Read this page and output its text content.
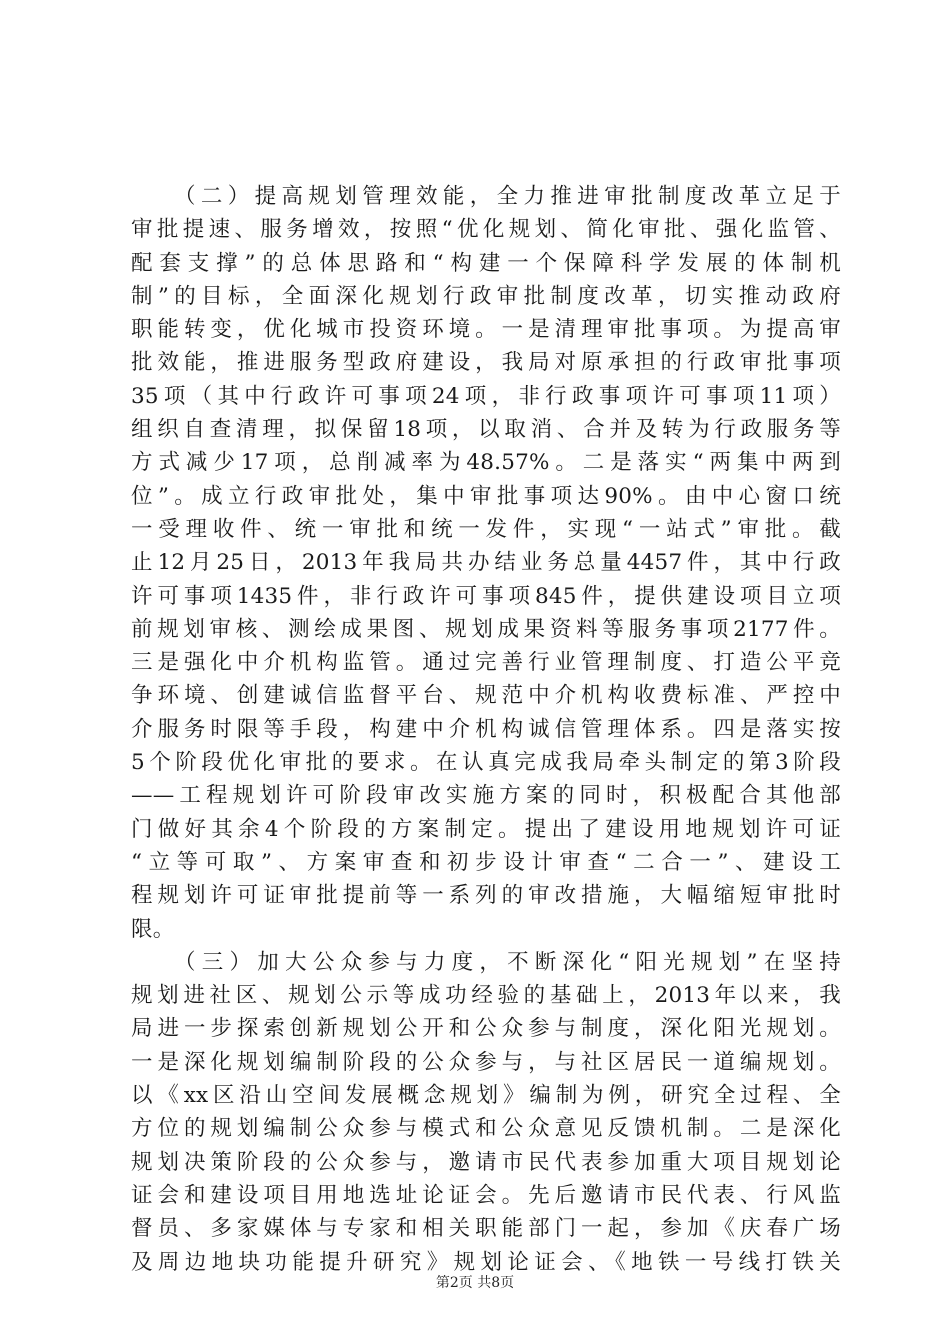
（二）提高规划管理效能，全力推进审批制度改革立足于
审批提速、服务增效，按照“优化规划、简化审批、强化监管、
配套支撑”的总体思路和“构建一个保障科学发展的体制机
制”的目标，全面深化规划行政审批制度改革，切实推动政府
职能转变，优化城市投资环境。一是清理审批事项。为提高审
批效能，推进服务型政府建设，我局对原承担的行政审批事项
35项（其中行政许可事项24项，非行政事项许可事项11项）
组织自查清理，拟保留18项，以取消、合并及转为行政服务等
方式减少17项，总削减率为48.57%。二是落实“两集中两到
位”。成立行政审批处，集中审批事项达90%。由中心窗口统
一受理收件、统一审批和统一发件，实现“一站式”审批。截
止12月25日，2013年我局共办结业务总量4457件，其中行政
许可事项1435件，非行政许可事项845件，提供建设项目立项
前规划审核、测绘成果图、规划成果资料等服务事项2177件。
三是强化中介机构监管。通过完善行业管理制度、打造公平竞
争环境、创建诚信监督平台、规范中介机构收费标准、严控中
介服务时限等手段，构建中介机构诚信管理体系。四是落实按
5个阶段优化审批的要求。在认真完成我局牵头制定的第3阶段
——工程规划许可阶段审改实施方案的同时，积极配合其他部
门做好其余4个阶段的方案制定。提出了建设用地规划许可证
“立等可取”、方案审查和初步设计审查“二合一”、建设工
程规划许可证审批提前等一系列的审改措施，大幅缩短审批时
限。
（三）加大公众参与力度，不断深化“阳光规划”在坚持
规划进社区、规划公示等成功经验的基础上，2013年以来，我
局进一步探索创新规划公开和公众参与制度，深化阳光规划。
一是深化规划编制阶段的公众参与，与社区居民一道编规划。
以《xx区沿山空间发展概念规划》编制为例，研究全过程、全
方位的规划编制公众参与模式和公众意见反馈机制。二是深化
规划决策阶段的公众参与，邀请市民代表参加重大项目规划论
证会和建设项目用地选址论证会。先后邀请市民代表、行风监
督员、多家媒体与专家和相关职能部门一起，参加《庆春广场
及周边地块功能提升研究》规划论证会、《地铁一号线打铁关
第2页 共8页
